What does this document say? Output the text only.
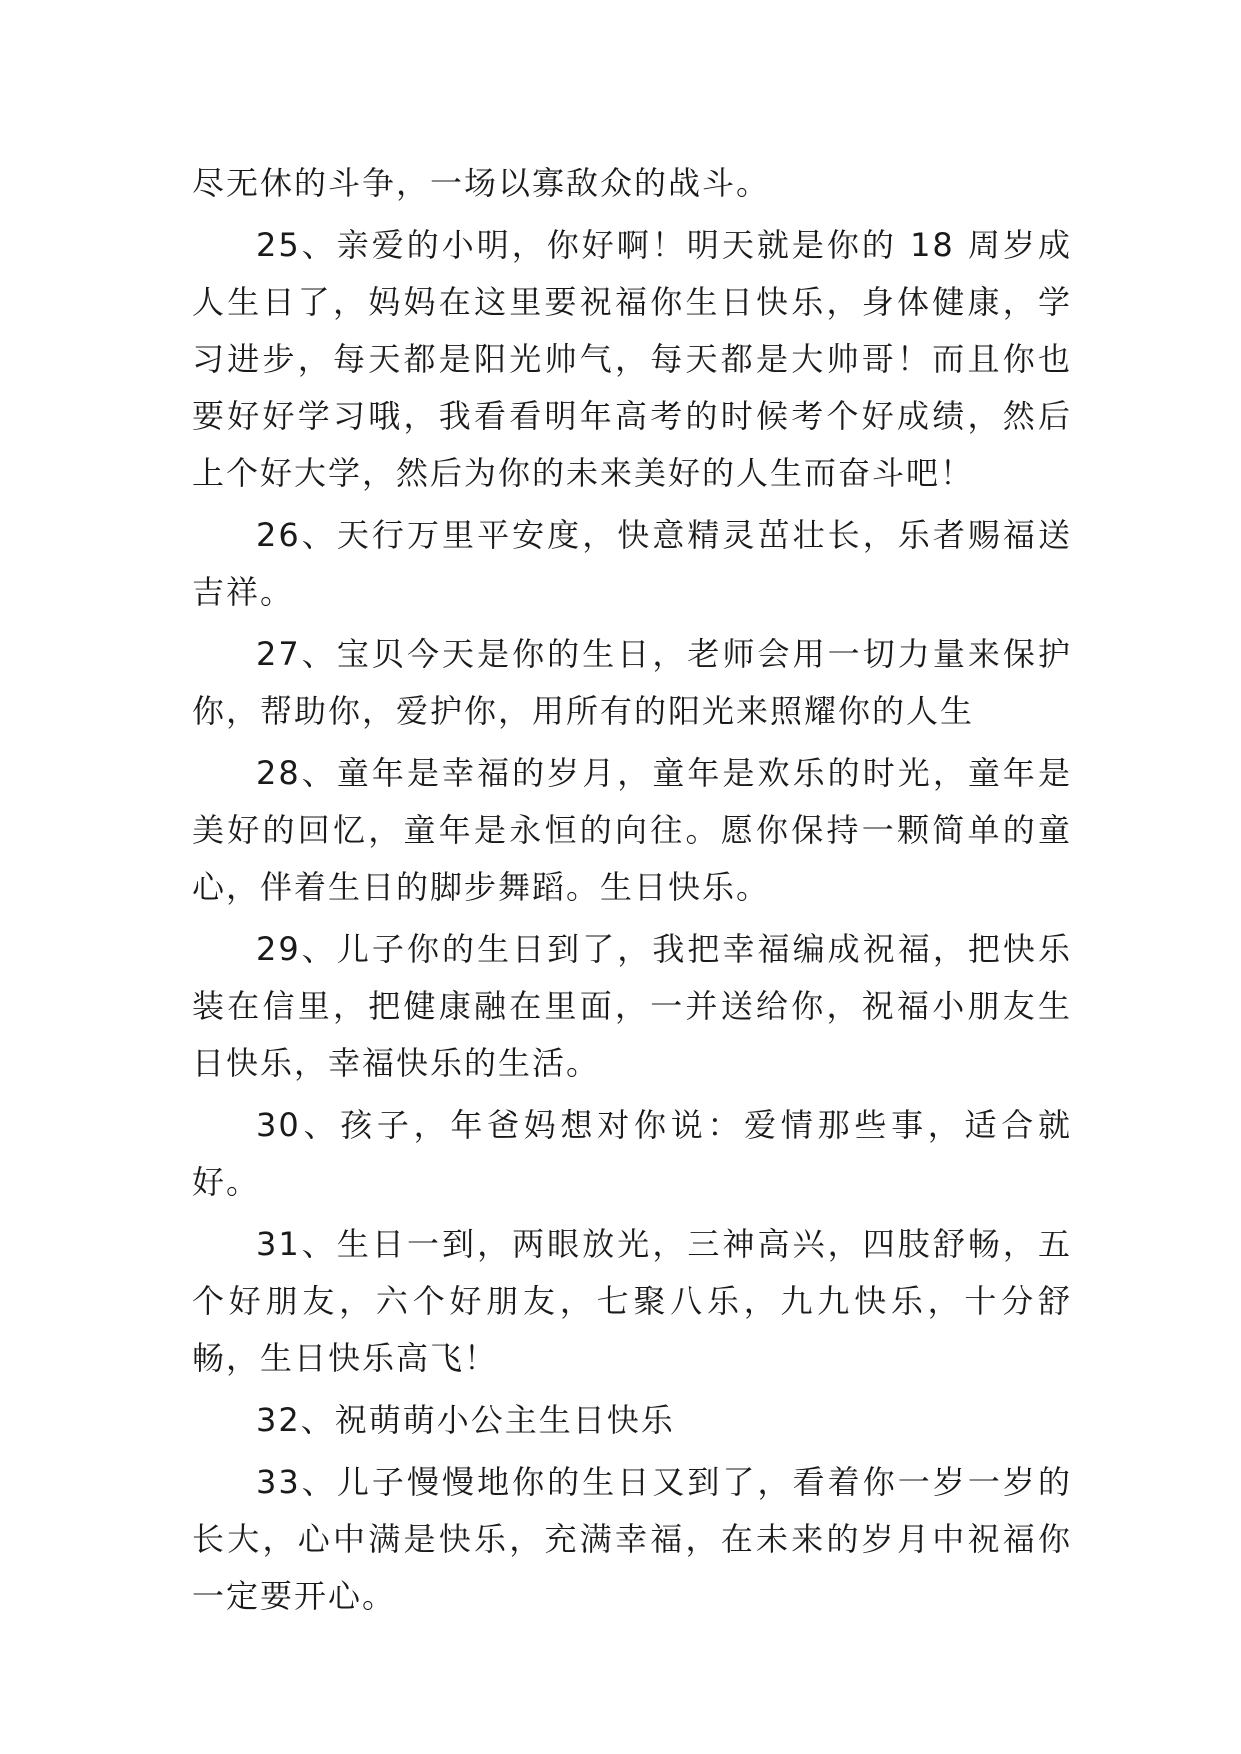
尽无休的斗争，一场以寡敌众的战斗。

25、亲爱的小明，你好啊！明天就是你的 18 周岁成人生日了，妈妈在这里要祝福你生日快乐，身体健康，学习进步，每天都是阳光帅气，每天都是大帅哥！而且你也要好好学习哦，我看看明年高考的时候考个好成绩，然后上个好大学，然后为你的未来美好的人生而奋斗吧！

26、天行万里平安度，快意精灵茁壮长，乐者赐福送吉祥。

27、宝贝今天是你的生日，老师会用一切力量来保护你，帮助你，爱护你，用所有的阳光来照耀你的人生

28、童年是幸福的岁月，童年是欢乐的时光，童年是美好的回忆，童年是永恒的向往。愿你保持一颗简单的童心，伴着生日的脚步舞蹈。生日快乐。

29、儿子你的生日到了，我把幸福编成祝福，把快乐装在信里，把健康融在里面，一并送给你，祝福小朋友生日快乐，幸福快乐的生活。

30、孩子，年爸妈想对你说：爱情那些事，适合就好。

31、生日一到，两眼放光，三神高兴，四肢舒畅，五个好朋友，六个好朋友，七聚八乐，九九快乐，十分舒畅，生日快乐高飞！

32、祝萌萌小公主生日快乐

33、儿子慢慢地你的生日又到了，看着你一岁一岁的长大，心中满是快乐，充满幸福，在未来的岁月中祝福你一定要开心。
